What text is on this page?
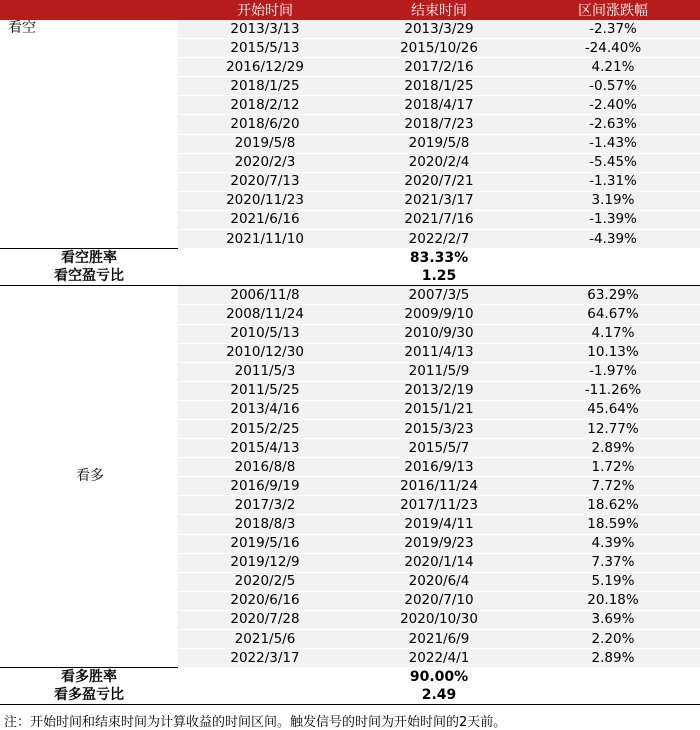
	开始时间	结束时间	区间涨跌幅
看空	2013/3/13	2013/3/29	-2.37%
	2015/5/13	2015/10/26	-24.40%
	2016/12/29	2017/2/16	4.21%
	2018/1/25	2018/1/25	-0.57%
	2018/2/12	2018/4/17	-2.40%
	2018/6/20	2018/7/23	-2.63%
	2019/5/8	2019/5/8	-1.43%
	2020/2/3	2020/2/4	-5.45%
	2020/7/13	2020/7/21	-1.31%
	2020/11/23	2021/3/17	3.19%
	2021/6/16	2021/7/16	-1.39%
	2021/11/10	2022/2/7	-4.39%
看空胜率		83.33%	
看空盈亏比		1.25	
看多	2006/11/8	2007/3/5	63.29%
	2008/11/24	2009/9/10	64.67%
	2010/5/13	2010/9/30	4.17%
	2010/12/30	2011/4/13	10.13%
	2011/5/3	2011/5/9	-1.97%
	2011/5/25	2013/2/19	-11.26%
	2013/4/16	2015/1/21	45.64%
	2015/2/25	2015/3/23	12.77%
	2015/4/13	2015/5/7	2.89%
	2016/8/8	2016/9/13	1.72%
	2016/9/19	2016/11/24	7.72%
	2017/3/2	2017/11/23	18.62%
	2018/8/3	2019/4/11	18.59%
	2019/5/16	2019/9/23	4.39%
	2019/12/9	2020/1/14	7.37%
	2020/2/5	2020/6/4	5.19%
	2020/6/16	2020/7/10	20.18%
	2020/7/28	2020/10/30	3.69%
	2021/5/6	2021/6/9	2.20%
	2022/3/17	2022/4/1	2.89%
看多胜率		90.00%	
看多盈亏比		2.49	
注：开始时间和结束时间为计算收益的时间区间。触发信号的时间为开始时间的2天前。
